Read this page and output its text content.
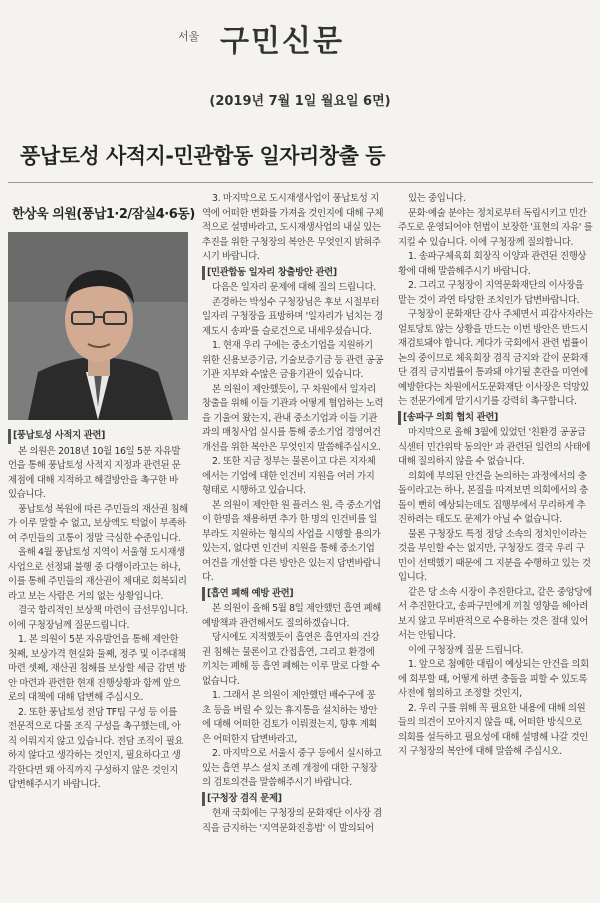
서울 구민신문
(2019년 7월 1일 월요일 6면)
풍납토성 사적지-민관합동 일자리창출 등
한상욱 의원(풍납1·2/잠실4·6동)
[풍납토성 사적지 관련]

본 의원은 2018년 10월 16일 5분 자유발언을 통해 풍납토성 사적지 지정과 관련된 문제점에 대해 지적하고 해결방안을 촉구한 바 있습니다.

풍납토성 복원에 따른 주민들의 재산권 침해가 이루 말할 수 없고, 보상액도 턱없이 부족하여 주민들의 고통이 정말 극심한 수준입니다.

올해 4월 풍납토성 지역이 서울형 도시재생사업으로 선정돼 불행 중 다행이라고는 하나, 이를 통해 주민들의 재산권이 제대로 회복되리라고 보는 사람은 거의 없는 상황입니다.

결국 합리적인 보상책 마련이 급선무입니다. 이에 구청장님께 질문드립니다.

1. 본 의원이 5분 자유발언을 통해 제안한 첫째, 보상가격 현실화 둘째, 정주 및 이주대책 마련 셋째, 재산권 침해를 보상할 세금 감면 방안 마련과 관련한 현재 진행상황과 함께 앞으로의 대책에 대해 답변해 주십시오.

2. 또한 풍납토성 전담 TF팀 구성 등 이를 전문적으로 다룰 조직 구성을 촉구했는데, 아직 이뤄지지 않고 있습니다. 전담 조직이 필요하지 않다고 생각하는 것인지, 필요하다고 생각한다면 왜 아직까지 구성하지 않은 것인지 답변해주시기 바랍니다.

3. 마지막으로 도시재생사업이 풍납토성 지역에 어떠한 변화를 가져올 것인지에 대해 구체적으로 설명바라고, 도시재생사업의 내실 있는 추진을 위한 구청장의 복안은 무엇인지 밝혀주시기 바랍니다.

[민관합동 일자리 창출방안 관련]

다음은 일자리 문제에 대해 질의 드립니다.

존경하는 박성수 구청장님은 후보 시절부터 일자리 구청장을 표방하며 '일자리가 넘치는 경제도시 송파'를 슬로건으로 내세우셨습니다.

1. 현재 우리 구에는 중소기업을 지원하기 위한 신용보증기금, 기술보증기금 등 관련 공공기관 지부와 수많은 금융기관이 있습니다.

본 의원이 제안했듯이, 구 차원에서 일자리 창출을 위해 이들 기관과 어떻게 협업하는 노력을 기울여 왔는지, 관내 중소기업과 이들 기관과의 매칭사업 실시를 통해 중소기업 경영여건 개선을 위한 복안은 무엇인지 말씀해주십시오.

2. 또한 지금 정부는 물론이고 다른 지자체에서는 기업에 대한 인건비 지원을 여러 가지 형태로 시행하고 있습니다.

본 의원이 제안한 원 플러스 원, 즉 중소기업이 한명을 채용하면 추가 한 명의 인건비를 일부라도 지원하는 형식의 사업을 시행할 용의가 있는지, 없다면 인건비 지원을 통해 중소기업 여건을 개선할 다른 방안은 있는지 답변바랍니다.

[흡연 폐해 예방 관련]

본 의원이 올해 5월 8일 제안했던 흡연 폐해 예방책과 관련해서도 질의하겠습니다.

당시에도 지적했듯이 흡연은 흡연자의 건강권 침해는 물론이고 간접흡연, 그리고 환경에 끼치는 폐해 등 흡연 폐해는 이루 말로 다할 수 없습니다.

1. 그래서 본 의원이 제안했던 배수구에 꽁초 등을 버릴 수 있는 휴지통을 설치하는 방안에 대해 어떠한 검토가 이뤄졌는지, 향후 계획은 어떠한지 답변바라고,

2. 마지막으로 서울시 중구 등에서 실시하고 있는 흡연 부스 설치 조례 개정에 대한 구청장의 검토의견을 말씀해주시기 바랍니다.

[구청장 겸직 문제]

현재 국회에는 구청장의 문화재단 이사장 겸직을 금지하는 '지역문화진흥법' 이 발의되어

있는 중입니다.

문화·예술 분야는 정치로부터 독립시키고 민간주도로 운영되어야 헌법이 보장한 '표현의 자유' 를 지킬 수 있습니다. 이에 구청장께 질의합니다.

1. 송파구체육회 회장직 이양과 관련된 진행상황에 대해 말씀해주시기 바랍니다.

2. 그리고 구청장이 지역문화재단의 이사장을 맡는 것이 과연 타당한 조치인가 답변바랍니다.

구청장이 문화재단 감사 주체면서 피감사자라는 얼토당토 않는 상황을 만드는 이번 방안은 반드시 재검토돼야 합니다. 게다가 국회에서 관련 법률이 논의 중이므로 체육회장 겸직 금지와 같이 문화재단 겸직 금지법률이 통과돼 야기될 혼란을 미연에 예방한다는 차원에서도문화재단 이사장은 덕망있는 전문가에게 맡기시기를 강력히 촉구합니다.

[송파구 의회 협치 관련]

마지막으로 올해 3월에 있었던 '친환경 공공급식센터 민간위탁 동의안' 과 관련된 일련의 사태에 대해 질의하지 않을 수 없습니다.

의회에 부의된 안건을 논의하는 과정에서의 충돌이라고는 하나, 본질을 따져보면 의회에서의 충돌이 뻔히 예상되는데도 집행부에서 무리하게 추진하려는 태도도 문제가 아닐 수 없습니다.

물론 구청장도 특정 정당 소속의 정치인이라는 것을 부인할 수는 없지만, 구청장도 결국 우리 구민이 선택했기 때문에 그 지분을 수행하고 있는 것입니다.

같은 당 소속 시장이 추진한다고, 같은 중앙당에서 추진한다고, 송파구민에게 끼칠 영향을 헤아려보지 않고 무비판적으로 수용하는 것은 절대 있어서는 안됩니다.

이에 구청장께 질문 드립니다.

1. 앞으로 첨예한 대립이 예상되는 안건을 의회에 회부할 때, 어떻게 하면 충돌을 피할 수 있도록 사전에 협의하고 조정할 것인지,

2. 우리 구를 위해 꼭 필요한 내용에 대해 의원들의 의견이 모아지지 않을 때, 어떠한 방식으로 의회를 설득하고 필요성에 대해 설명해 나갈 것인지 구청장의 복안에 대해 말씀해 주십시오.
